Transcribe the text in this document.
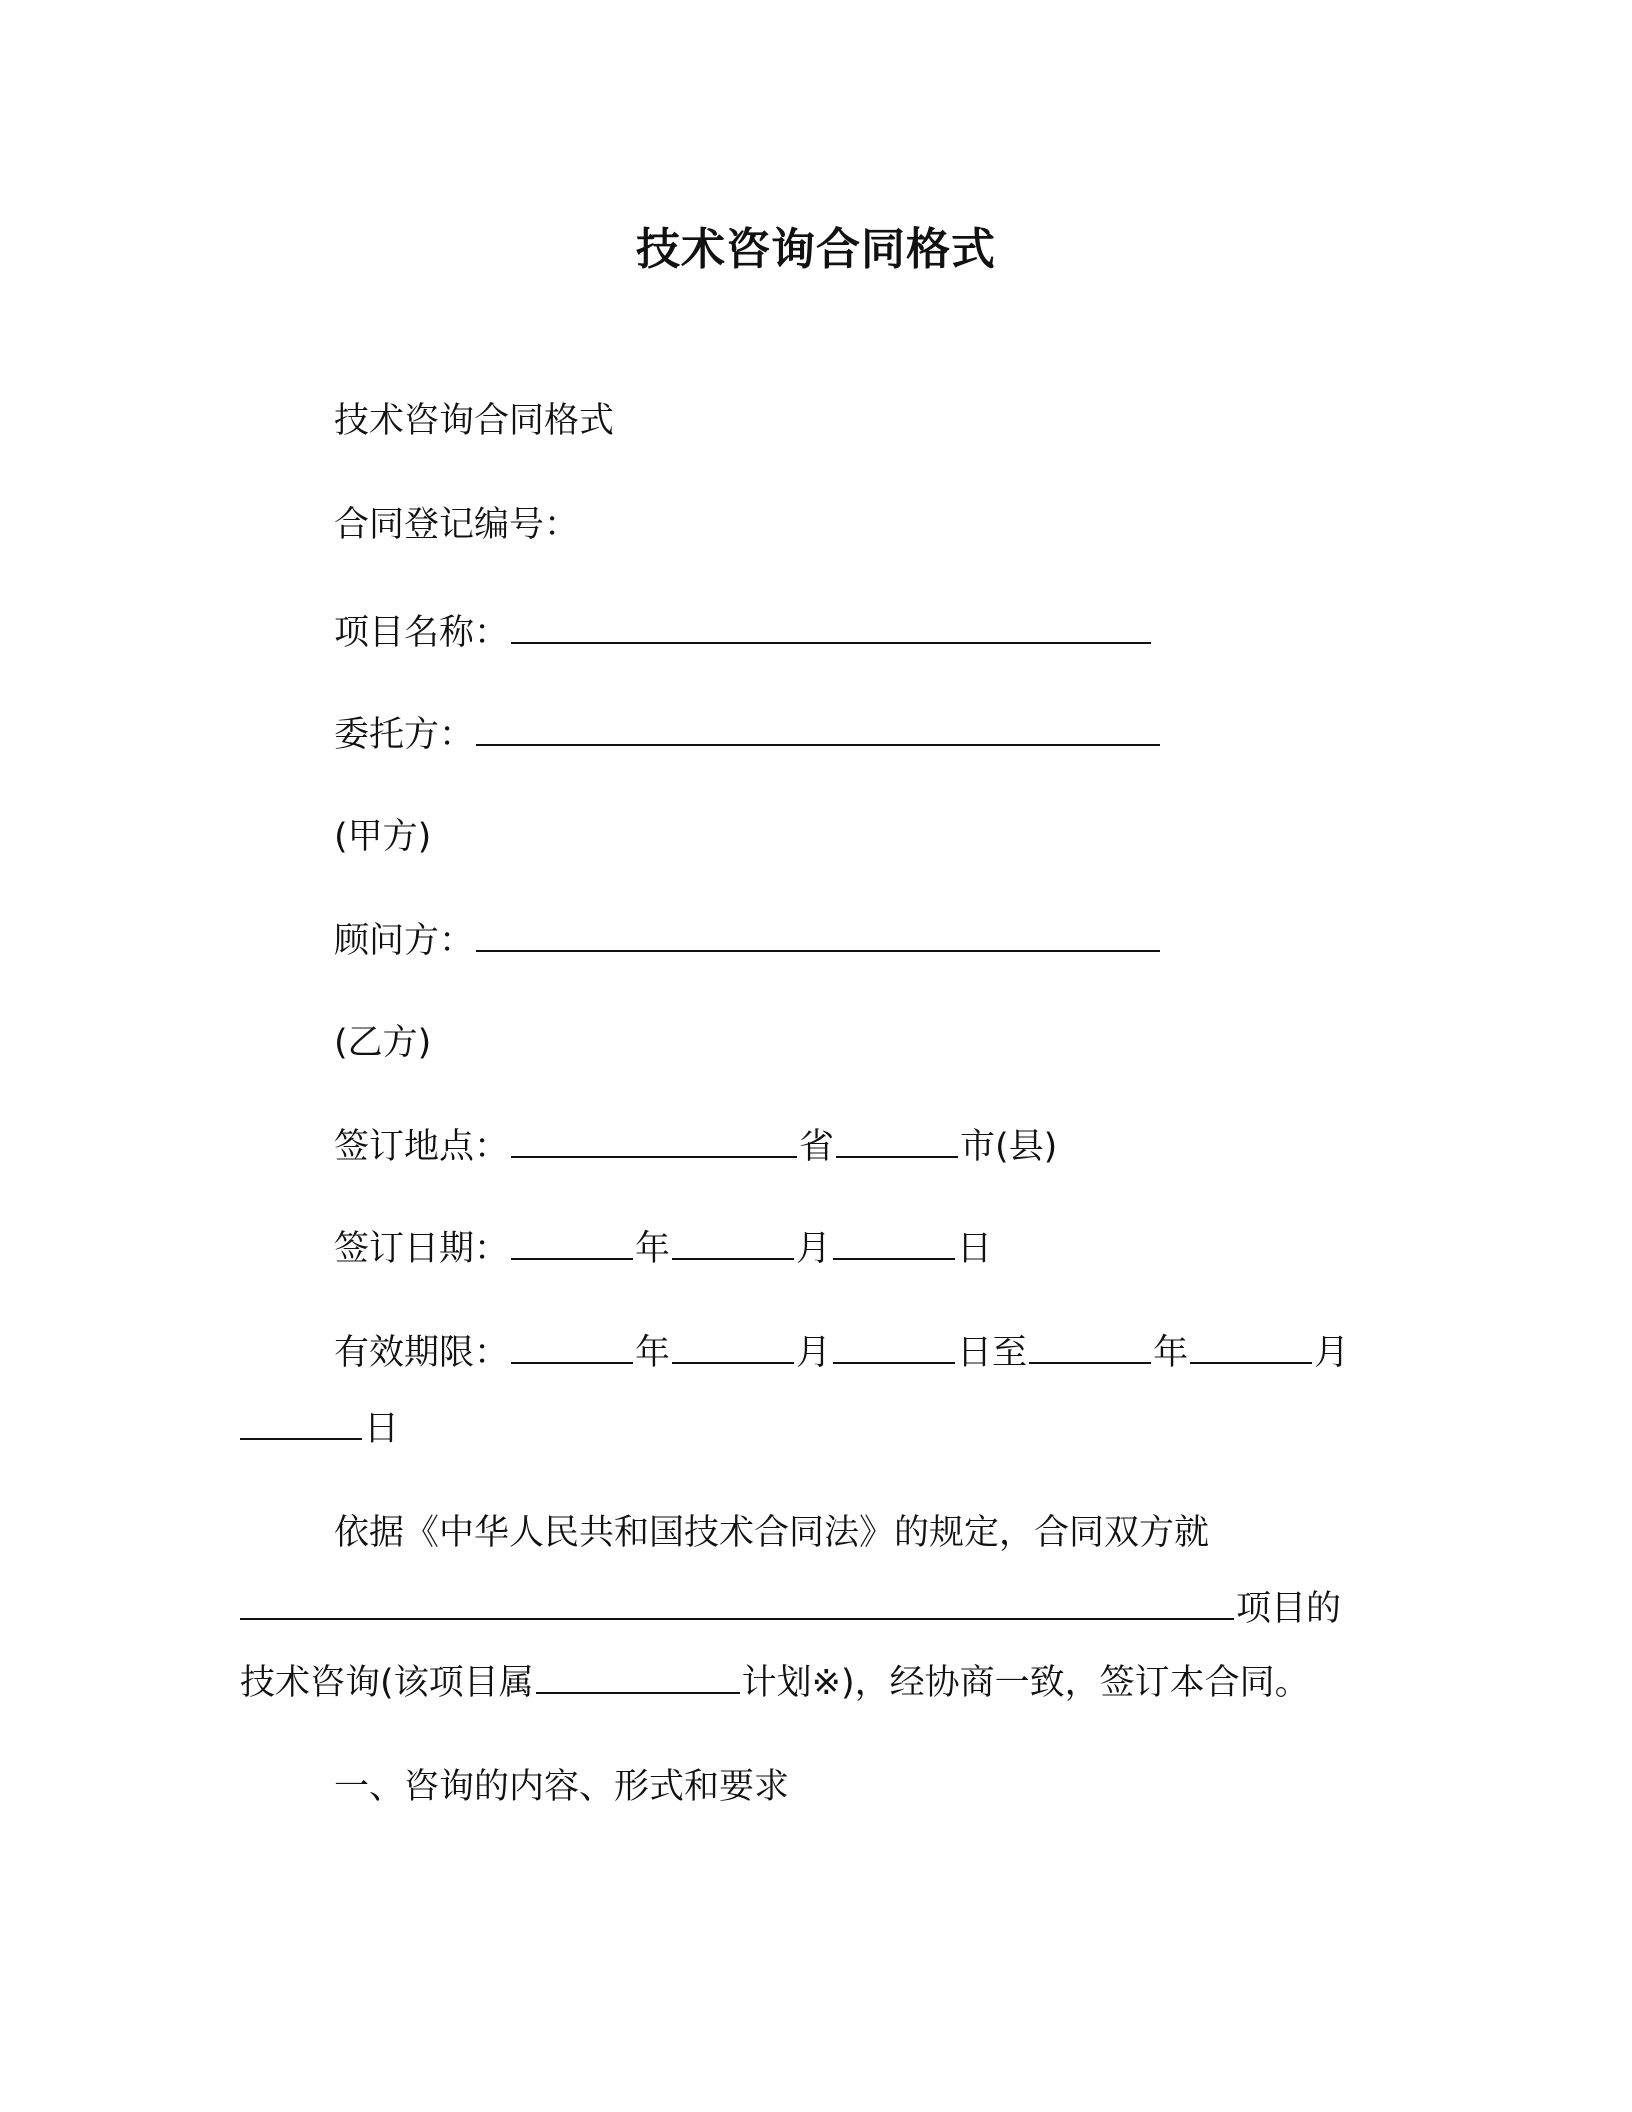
技术咨询合同格式
技术咨询合同格式
合同登记编号：
项目名称：
委托方：
(甲方)
顾问方：
(乙方)
签订地点：	省	市(县)
签订日期：	年	月	日
有效期限：	年	月	日至	年	月
日
依据《中华人民共和国技术合同法》的规定，合同双方就
项目的
技术咨询(该项目属	计划※)，经协商一致，签订本合同。
一、咨询的内容、形式和要求
